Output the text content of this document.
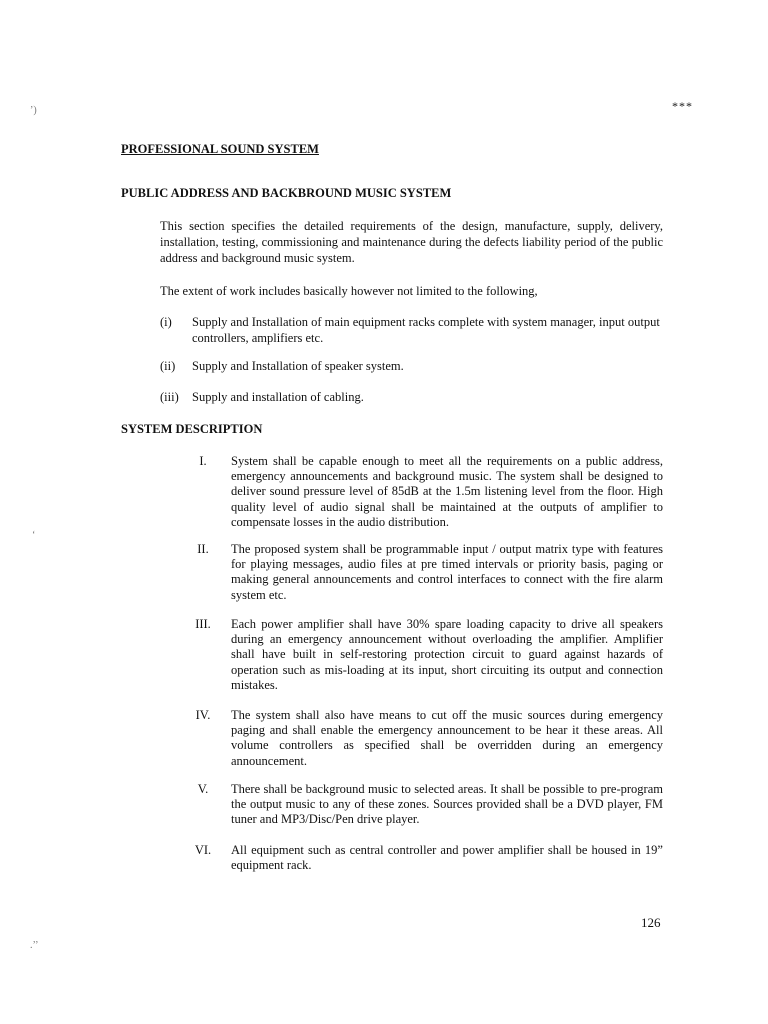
***
’)
‘
.’’
PROFESSIONAL SOUND SYSTEM
PUBLIC ADDRESS AND BACKBROUND MUSIC SYSTEM
This section specifies the detailed requirements of the design, manufacture, supply, delivery, installation, testing, commissioning and maintenance during the defects liability period of the public address and background music system.
The extent of work includes basically however not limited to the following,
(i) Supply and Installation of main equipment racks complete with system manager, input output controllers, amplifiers etc.
(ii) Supply and Installation of speaker system.
(iii) Supply and installation of cabling.
SYSTEM DESCRIPTION
I.	System shall be capable enough to meet all the requirements on a public address, emergency announcements and background music. The system shall be designed to deliver sound pressure level of 85dB at the 1.5m listening level from the floor. High quality level of audio signal shall be maintained at the outputs of amplifier to compensate losses in the audio distribution.
II.	The proposed system shall be programmable input / output matrix type with features for playing messages, audio files at pre timed intervals or priority basis, paging or making general announcements and control interfaces to connect with the fire alarm system etc.
III.	Each power amplifier shall have 30% spare loading capacity to drive all speakers during an emergency announcement without overloading the amplifier. Amplifier shall have built in self-restoring protection circuit to guard against hazards of operation such as mis-loading at its input, short circuiting its output and connection mistakes.
IV.	The system shall also have means to cut off the music sources during emergency paging and shall enable the emergency announcement to be hear it these areas. All volume controllers as specified shall be overridden during an emergency announcement.
V.	There shall be background music to selected areas. It shall be possible to pre-program the output music to any of these zones. Sources provided shall be a DVD player, FM tuner and MP3/Disc/Pen drive player.
VI.	All equipment such as central controller and power amplifier shall be housed in 19” equipment rack.
126
